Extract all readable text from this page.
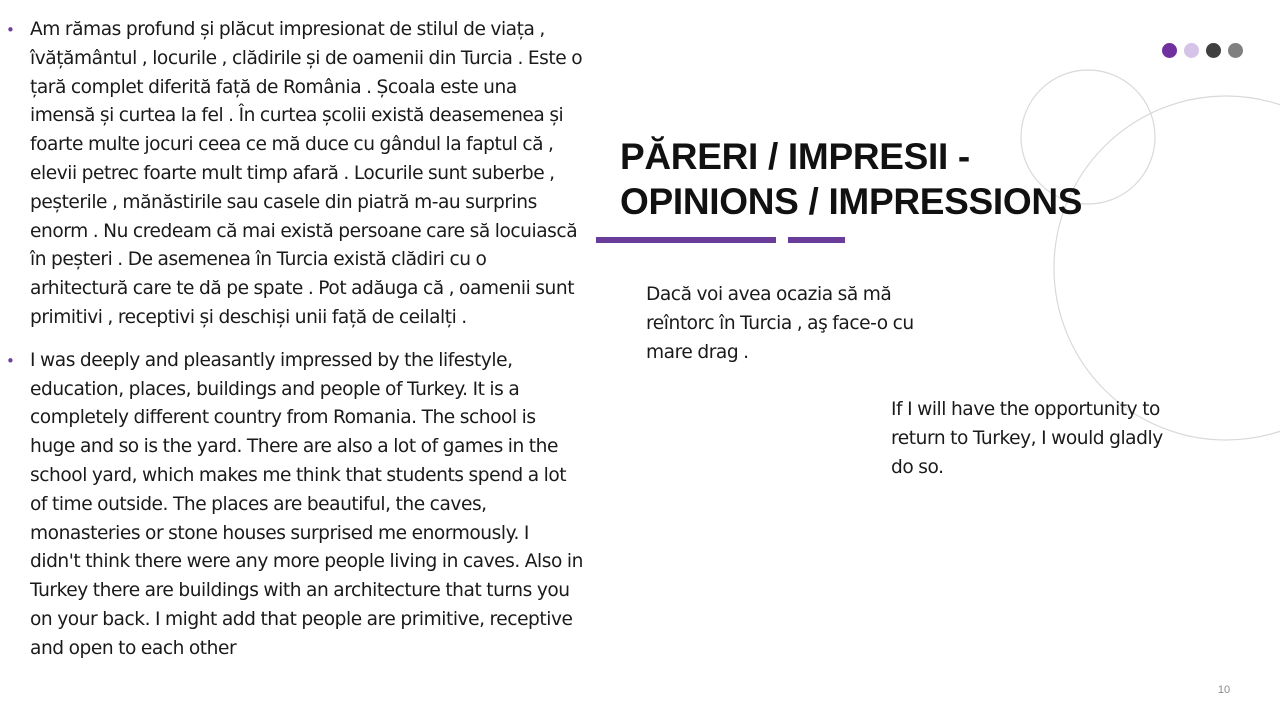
• Am rămas profund și plăcut impresionat de stilul de viața , îvățământul , locurile , clădirile și de oamenii din Turcia . Este o țară complet diferită față de România . Școala este una imensă și curtea la fel . În curtea școlii există deasemenea și foarte multe jocuri ceea ce mă duce cu gândul la faptul că , elevii petrec foarte mult timp afară . Locurile sunt suberbe , peșterile , mănăstirile sau casele din piatră m-au surprins enorm . Nu credeam că mai există persoane care să locuiască în peșteri . De asemenea în Turcia există clădiri cu o arhitectură care te dă pe spate . Pot adăuga că , oamenii sunt primitivi , receptivi și deschiși unii față de ceilalți .
• I was deeply and pleasantly impressed by the lifestyle, education, places, buildings and people of Turkey. It is a completely different country from Romania. The school is huge and so is the yard. There are also a lot of games in the school yard, which makes me think that students spend a lot of time outside. The places are beautiful, the caves, monasteries or stone houses surprised me enormously. I didn't think there were any more people living in caves. Also in Turkey there are buildings with an architecture that turns you on your back. I might add that people are primitive, receptive and open to each other
PĂRERI / IMPRESII -
OPINIONS / IMPRESSIONS
Dacă voi avea ocazia să mă reîntorc în Turcia , aş face-o cu mare drag .
If I will have the opportunity to return to Turkey, I would gladly do so.
10
